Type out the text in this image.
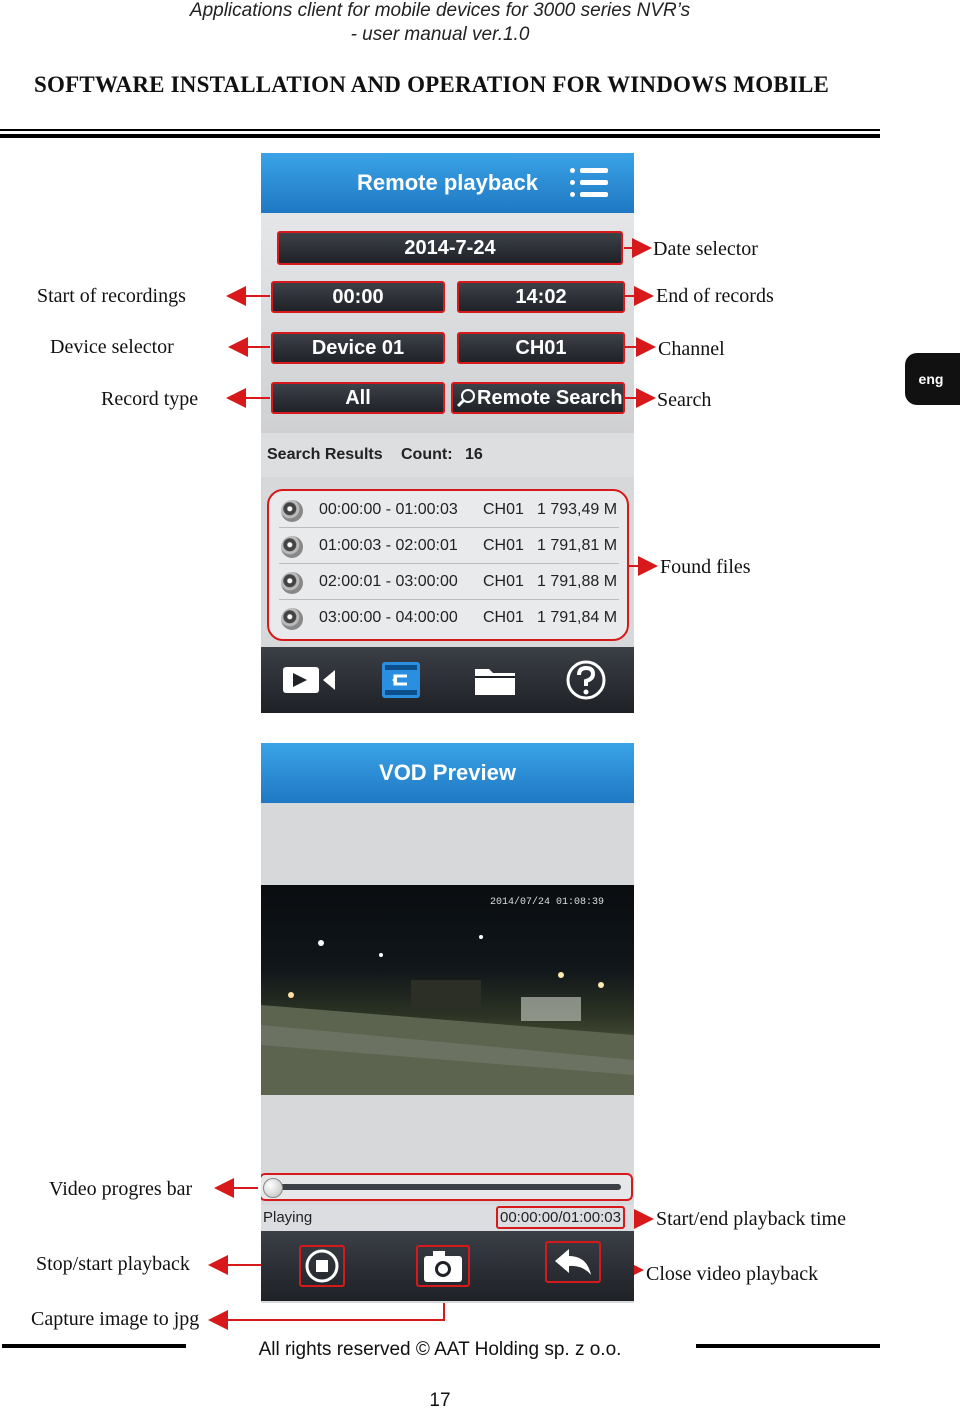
Applications client for mobile devices for 3000 series NVR’s
- user manual ver.1.0
SOFTWARE INSTALLATION AND OPERATION FOR WINDOWS MOBILE
eng
Remote playback
2014-7-24
00:00	14:02
Device 01	CH01
All	Remote Search
Search Results Count: 16
00:00:00 - 01:00:03 CH01 1 793,49 M
01:00:03 - 02:00:01 CH01 1 791,81 M
02:00:01 - 03:00:00 CH01 1 791,88 M
03:00:00 - 04:00:00 CH01 1 791,84 M
Date selector
Start of recordings	End of records
Device selector	Channel
Record type	Search
Found files
VOD Preview
2014/07/24 01:08:39
Playing	00:00:00/01:00:03
Video progres bar
Start/end playback time
Stop/start playback	Close video playback
Capture image to jpg
All rights reserved © AAT Holding sp. z o.o.
17
